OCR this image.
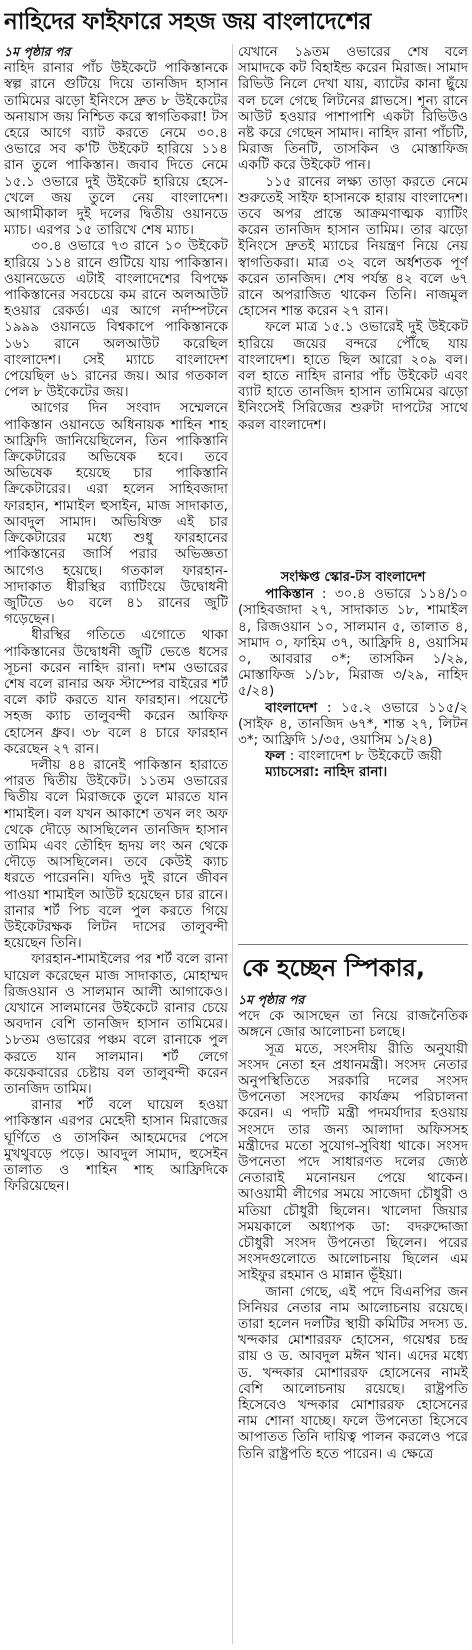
নাহিদের ফাইফারে সহজ জয় বাংলাদেশের

১ম পৃষ্ঠার পর

নাহিদ রানার পাঁচ উইকেটে পাকিস্তানকে স্বল্প রানে গুটিয়ে দিয়ে তানজিদ হাসান তামিমের ঝড়ো ইনিংসে দ্রুত ৮ উইকেটের অনায়াস জয় নিশ্চিত করে স্বাগতিকরা! টস হেরে আগে ব্যাট করতে নেমে ৩০.৪ ওভারে সব ক'টি উইকেট হারিয়ে ১১৪ রান তুলে পাকিস্তান। জবাব দিতে নেমে ১৫.১ ওভারে দুই উইকেট হারিয়ে হেসে-খেলে জয় তুলে নেয় বাংলাদেশ। আগামীকাল দুই দলের দ্বিতীয় ওয়ানডে ম্যাচ। এরপর ১৫ তারিখে শেষ ম্যাচ।

৩০.৪ ওভারে ৭৩ রানে ১০ উইকেট হারিয়ে ১১৪ রানে গুটিয়ে যায় পাকিস্তান। ওয়ানডেতে এটাই বাংলাদেশের বিপক্ষে পাকিস্তানের সবচেয়ে কম রানে অলআউট হওয়ার রেকর্ড। এর আগে নর্দাম্পটনে ১৯৯৯ ওয়ানডে বিশ্বকাপে পাকিস্তানকে ১৬১ রানে অলআউট করেছিল বাংলাদেশ। সেই ম্যাচে বাংলাদেশ পেয়েছিল ৬১ রানের জয়। আর গতকাল পেল ৮ উইকেটের জয়।

আগের দিন সংবাদ সম্মেলনে পাকিস্তান ওয়ানডে অধিনায়ক শাহিন শাহ আফ্রিদি জানিয়েছিলেন, তিন পাকিস্তানি ক্রিকেটারের অভিষেক হবে। তবে অভিষেক হয়েছে চার পাকিস্তানি ক্রিকেটারের। এরা হলেন সাহিবজাদা ফারহান, শামাইল হুসাইন, মাজ সাদাকাত, আবদুল সামাদ। অভিষিক্ত এই চার ক্রিকেটারের মধ্যে শুধু ফারহানের পাকিস্তানের জার্সি পরার অভিজ্ঞতা আগেও হয়েছে। গতকাল ফারহান-সাদাকাত ধীরস্থির ব্যাটিংয়ে উদ্বোধনী জুটিতে ৬০ বলে ৪১ রানের জুটি গড়েছেন।

ধীরস্থির গতিতে এগোতে থাকা পাকিস্তানের উদ্বোধনী জুটি ভেঙে ধসের সূচনা করেন নাহিদ রানা। দশম ওভারের শেষ বলে রানার অফ স্টাম্পের বাইরের শর্ট বলে কাট করতে যান ফারহান। পয়েন্টে সহজ ক্যাচ তালুবন্দী করেন আফিফ হোসেন ধ্রুব। ৩৮ বলে ৪ চারে ফারহান করেছেন ২৭ রান।

দলীয় ৪৪ রানেই পাকিস্তান হারাতে পারত দ্বিতীয় উইকেট। ১১তম ওভারের দ্বিতীয় বলে মিরাজকে তুলে মারতে যান শামাইল। বল যখন আকাশে তখন লং অফ থেকে দৌড়ে আসছিলেন তানজিদ হাসান তামিম এবং তৌহিদ হৃদয় লং অন থেকে দৌড়ে আসছিলেন। তবে কেউই ক্যাচ ধরতে পারেননি। যদিও দুই রানে জীবন পাওয়া শামাইল আউট হয়েছেন চার রানে। রানার শর্ট পিচ বলে পুল করতে গিয়ে উইকেটরক্ষক লিটন দাসের তালুবন্দী হয়েছেন তিনি।

ফারহান-শামাইলের পর শর্ট বলে রানা ঘায়েল করেছেন মাজ সাদাকাত, মোহাম্মদ রিজওয়ান ও সালমান আলী আগাকেও। যেখানে সালমানের উইকেটে রানার চেয়ে অবদান বেশি তানজিদ হাসান তামিমের। ১৮তম ওভারের পঞ্চম বলে রানাকে পুল করতে যান সালমান। শর্ট লেগে কয়েকবারের চেষ্টায় বল তালুবন্দী করেন তানজিদ তামিম।

রানার শর্ট বলে ঘায়েল হওয়া পাকিস্তান এরপর মেহেদী হাসান মিরাজের ঘূর্ণিতে ও তাসকিন আহমেদের পেসে মুখথুবড়ে পড়ে। আবদুল সামাদ, হুসেইন তালাত ও শাহিন শাহ আফ্রিদিকে ফিরিয়েছেন।

যেখানে ১৯তম ওভারের শেষ বলে সামাদকে কট বিহাইন্ড করেন মিরাজ। সামাদ রিভিউ নিলে দেখা যায়, ব্যাটের কানা ছুঁয়ে বল চলে গেছে লিটনের গ্লাভসে। শূন্য রানে আউট হওয়ার পাশাপাশি একটা রিভিউও নষ্ট করে গেছেন সামাদ। নাহিদ রানা পাঁচটি, মিরাজ তিনটি, তাসকিন ও মোস্তাফিজ একটি করে উইকেট পান।

১১৫ রানের লক্ষ্য তাড়া করতে নেমে শুরুতেই সাইফ হাসানকে হারায় বাংলাদেশ। তবে অপর প্রান্তে আক্রমণাত্মক ব্যাটিং করেন তানজিদ হাসান তামিম। তার ঝড়ো ইনিংসে দ্রুতই ম্যাচের নিয়ন্ত্রণ নিয়ে নেয় স্বাগতিকরা। মাত্র ৩২ বলে অর্ধশতক পূর্ণ করেন তানজিদ। শেষ পর্যন্ত ৪২ বলে ৬৭ রানে অপরাজিত থাকেন তিনি। নাজমুল হোসেন শান্ত করেন ২৭ রান।

ফলে মাত্র ১৫.১ ওভারেই দুই উইকেট হারিয়ে জয়ের বন্দরে পৌঁছে যায় বাংলাদেশ। হাতে ছিল আরো ২০৯ বল। বল হাতে নাহিদ রানার পাঁচ উইকেট এবং ব্যাট হাতে তানজিদ হাসান তামিমের ঝড়ো ইনিংসেই সিরিজের শুরুটা দাপটের সাথে করল বাংলাদেশ।

সংক্ষিপ্ত স্কোর-টস বাংলাদেশ

পাকিস্তান : ৩০.৪ ওভারে ১১৪/১০ (সাহিবজাদা ২৭, সাদাকাত ১৮, শামাইল ৪, রিজওয়ান ১০, সালমান ৫, তালাত ৪, সামাদ ০, ফাহিম ৩৭, আফ্রিদি ৪, ওয়াসিম ০, আবরার ০*; তাসকিন ১/২৯, মোস্তাফিজ ১/১৮, মিরাজ ৩/২৯, নাহিদ ৫/২৪)

বাংলাদেশ : ১৫.২ ওভারে ১১৫/২ (সাইফ ৪, তানজিদ ৬৭*, শান্ত ২৭, লিটন ৩*; আফ্রিদি ১/৩৫, ওয়াসিম ১/২৪)

ফল : বাংলাদেশ ৮ উইকেটে জয়ী

ম্যাচসেরা: নাহিদ রানা।

কে হচ্ছেন স্পিকার,

১ম পৃষ্ঠার পর

পদে কে আসছেন তা নিয়ে রাজনৈতিক অঙ্গনে জোর আলোচনা চলছে।

সূত্র মতে, সংসদীয় রীতি অনুযায়ী সংসদ নেতা হন প্রধানমন্ত্রী। সংসদ নেতার অনুপস্থিতিতে সরকারি দলের সংসদ উপনেতা সংসদের কার্যক্রম পরিচালনা করেন। এ পদটি মন্ত্রী পদমর্যাদার হওয়ায় সংসদে তার জন্য আলাদা অফিসসহ মন্ত্রীদের মতো সুযোগ-সুবিধা থাকে। সংসদ উপনেতা পদে সাধারণত দলের জ্যেষ্ঠ নেতারাই মনোনয়ন পেয়ে থাকেন। আওয়ামী লীগের সময়ে সাজেদা চৌধুরী ও মতিয়া চৌধুরী ছিলেন। খালেদা জিয়ার সময়কালে অধ্যাপক ডা: বদরুদ্দোজা চৌধুরী সংসদ উপনেতা ছিলেন। পরের সংসদগুলোতে আলোচনায় ছিলেন এম সাইফুর রহমান ও মান্নান ভূঁইয়া।

জানা গেছে, এই পদে বিএনপির জন সিনিয়র নেতার নাম আলোচনায় রয়েছে। তারা হলেন দলটির স্থায়ী কমিটির সদস্য ড. খন্দকার মোশাররফ হোসেন, গয়েশ্বর চন্দ্র রায় ও ড. আবদুল মঈন খান। এদের মধ্যে ড. খন্দকার মোশাররফ হোসেনের নামই বেশি আলোচনায় রয়েছে। রাষ্ট্রপতি হিসেবেও খন্দকার মোশাররফ হোসেনের নাম শোনা যাচ্ছে। ফলে উপনেতা হিসেবে আপাতত তিনি দায়িত্ব পালন করলেও পরে তিনি রাষ্ট্রপতি হতে পারেন। এ ক্ষেত্রে
